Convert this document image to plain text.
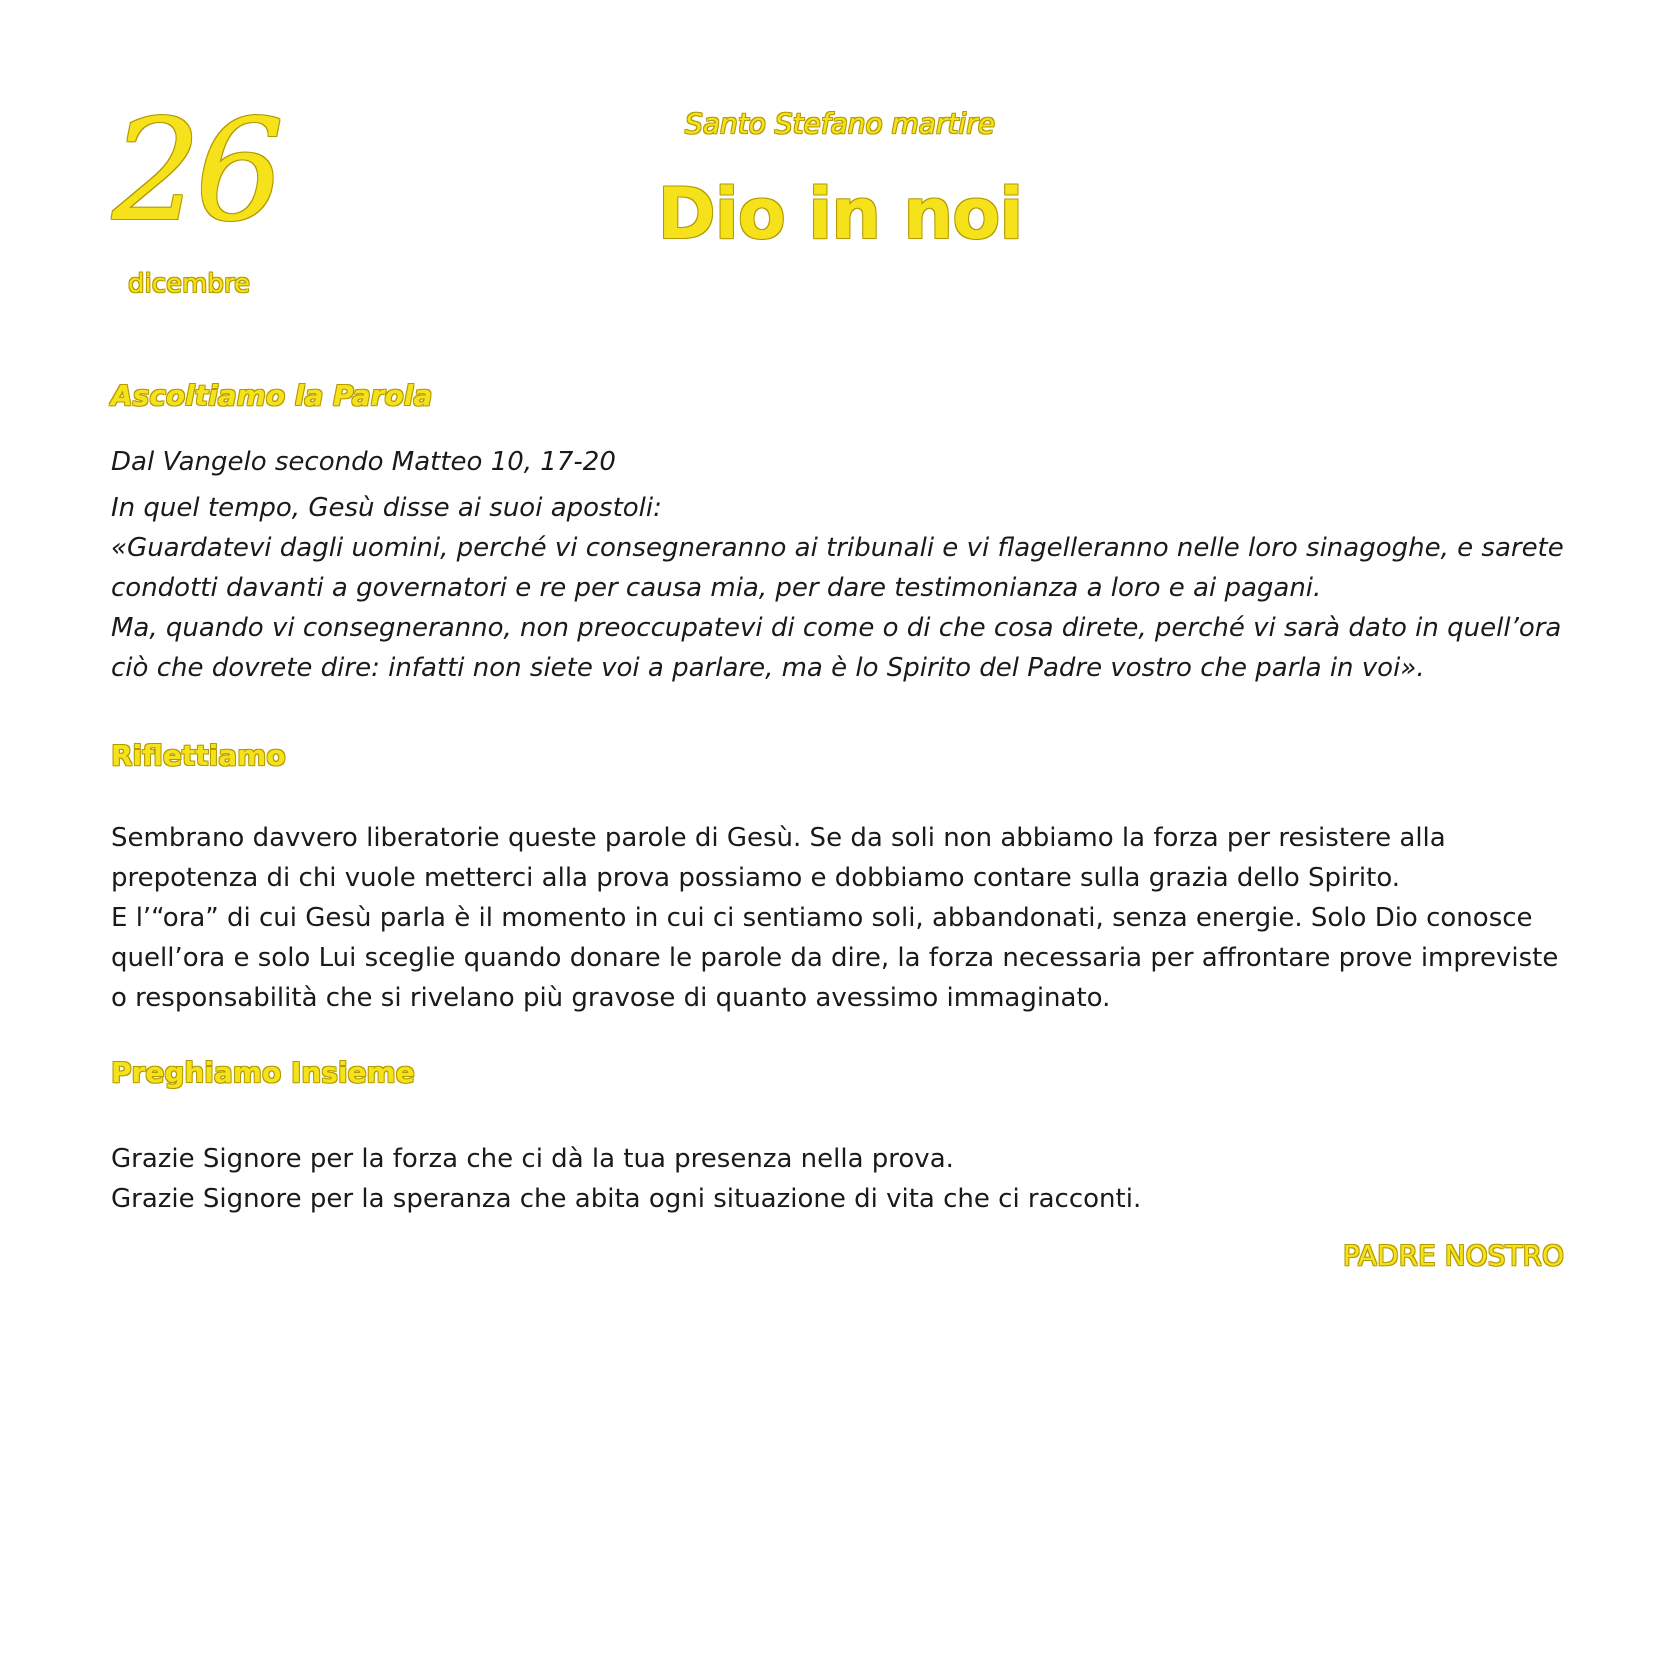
26

dicembre

Santo Stefano martire

Dio in noi
Ascoltiamo la Parola

Dal Vangelo secondo Matteo 10, 17-20

In quel tempo, Gesù disse ai suoi apostoli:

«Guardatevi dagli uomini, perché vi consegneranno ai tribunali e vi flagelleranno nelle loro sinagoghe, e sarete condotti davanti a governatori e re per causa mia, per dare testimonianza a loro e ai pagani.

Ma, quando vi consegneranno, non preoccupatevi di come o di che cosa direte, perché vi sarà dato in quell’ora ciò che dovrete dire: infatti non siete voi a parlare, ma è lo Spirito del Padre vostro che parla in voi».

Riflettiamo

Sembrano davvero liberatorie queste parole di Gesù. Se da soli non abbiamo la forza per resistere alla prepotenza di chi vuole metterci alla prova possiamo e dobbiamo contare sulla grazia dello Spirito.

E l’“ora” di cui Gesù parla è il momento in cui ci sentiamo soli, abbandonati, senza energie. Solo Dio conosce quell’ora e solo Lui sceglie quando donare le parole da dire, la forza necessaria per affrontare prove impreviste o responsabilità che si rivelano più gravose di quanto avessimo immaginato.

Preghiamo Insieme

Grazie Signore per la forza che ci dà la tua presenza nella prova.

Grazie Signore per la speranza che abita ogni situazione di vita che ci racconti.

PADRE NOSTRO
